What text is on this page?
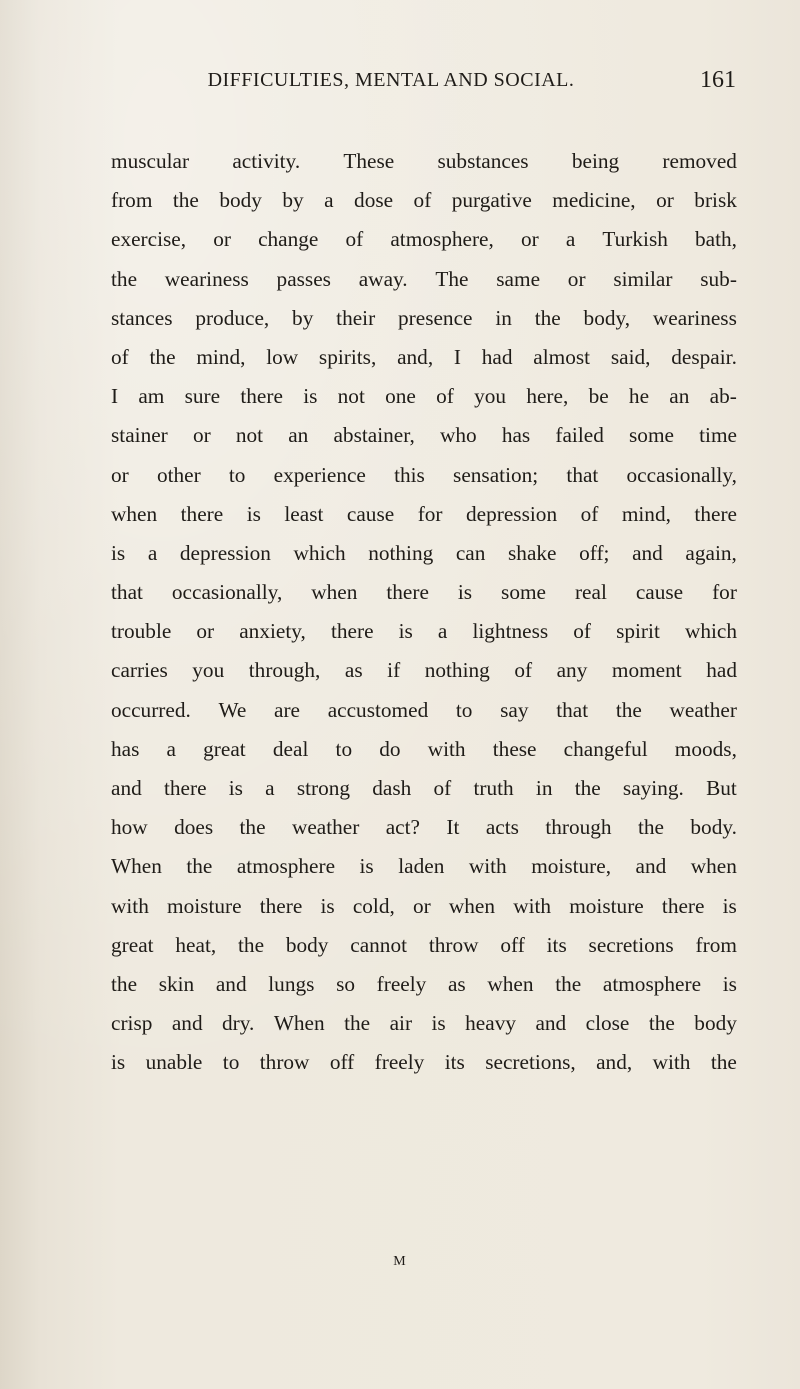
DIFFICULTIES, MENTAL AND SOCIAL.	161
muscular activity. These substances being removed
from the body by a dose of purgative medicine, or brisk
exercise, or change of atmosphere, or a Turkish bath,
the weariness passes away. The same or similar sub-
stances produce, by their presence in the body, weariness
of the mind, low spirits, and, I had almost said, despair.
I am sure there is not one of you here, be he an ab-
stainer or not an abstainer, who has failed some time
or other to experience this sensation; that occasionally,
when there is least cause for depression of mind, there
is a depression which nothing can shake off; and again,
that occasionally, when there is some real cause for
trouble or anxiety, there is a lightness of spirit which
carries you through, as if nothing of any moment had
occurred. We are accustomed to say that the weather
has a great deal to do with these changeful moods,
and there is a strong dash of truth in the saying. But
how does the weather act? It acts through the body.
When the atmosphere is laden with moisture, and when
with moisture there is cold, or when with moisture there is
great heat, the body cannot throw off its secretions from
the skin and lungs so freely as when the atmosphere is
crisp and dry. When the air is heavy and close the body
is unable to throw off freely its secretions, and, with the
M
